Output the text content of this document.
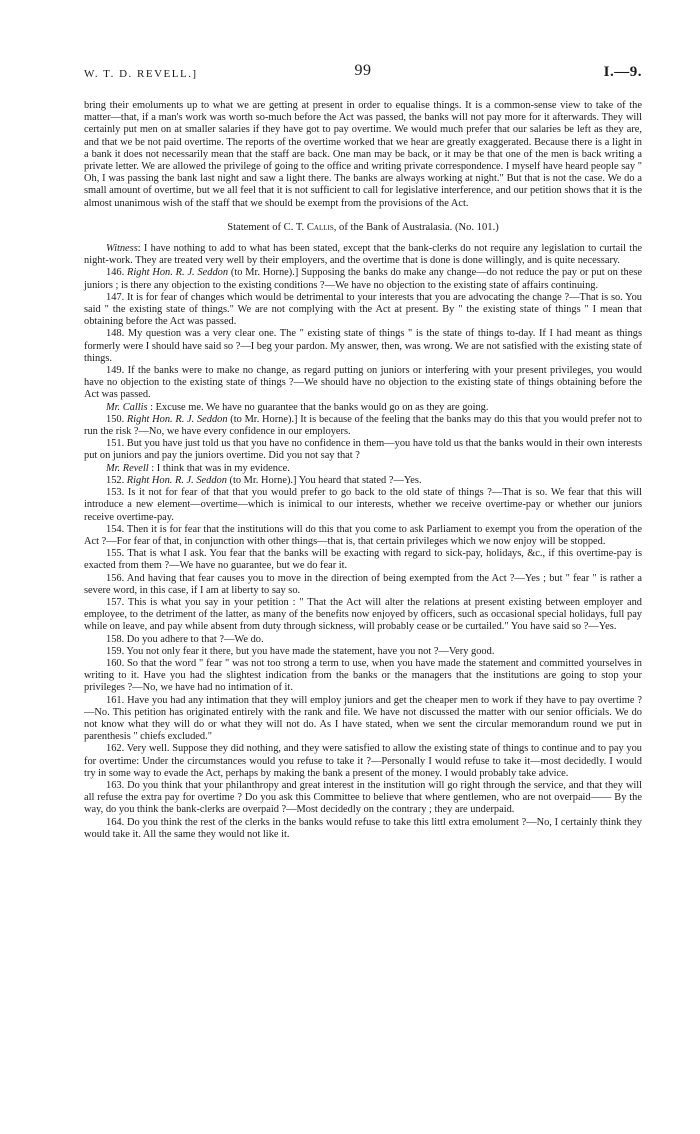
W. T. D. REVELL.]	99	I.—9.

bring their emoluments up to what we are getting at present in order to equalise things. It is a common-sense view to take of the matter—that, if a man's work was worth so-much before the Act was passed, the banks will not pay more for it afterwards. They will certainly put men on at smaller salaries if they have got to pay overtime. We would much prefer that our salaries be left as they are, and that we be not paid overtime. The reports of the overtime worked that we hear are greatly exaggerated. Because there is a light in a bank it does not necessarily mean that the staff are back. One man may be back, or it may be that one of the men is back writing a private letter. We are allowed the privilege of going to the office and writing private correspondence. I myself have heard people say " Oh, I was passing the bank last night and saw a light there. The banks are always working at night." But that is not the case. We do a small amount of overtime, but we all feel that it is not sufficient to call for legislative interference, and our petition shows that it is the almost unanimous wish of the staff that we should be exempt from the provisions of the Act.

Statement of C. T. Callis, of the Bank of Australasia. (No. 101.)

Witness: I have nothing to add to what has been stated, except that the bank-clerks do not require any legislation to curtail the night-work. They are treated very well by their employers, and the overtime that is done is done willingly, and is quite necessary.

146. Right Hon. R. J. Seddon (to Mr. Horne).] Supposing the banks do make any change—do not reduce the pay or put on these juniors ; is there any objection to the existing conditions ?—We have no objection to the existing state of affairs continuing.

147. It is for fear of changes which would be detrimental to your interests that you are advocating the change ?—That is so. You said " the existing state of things." We are not complying with the Act at present. By " the existing state of things " I mean that obtaining before the Act was passed.

148. My question was a very clear one. The " existing state of things " is the state of things to-day. If I had meant as things formerly were I should have said so ?—I beg your pardon. My answer, then, was wrong. We are not satisfied with the existing state of things.

149. If the banks were to make no change, as regard putting on juniors or interfering with your present privileges, you would have no objection to the existing state of things ?—We should have no objection to the existing state of things obtaining before the Act was passed.

Mr. Callis : Excuse me. We have no guarantee that the banks would go on as they are going.

150. Right Hon. R. J. Seddon (to Mr. Horne).] It is because of the feeling that the banks may do this that you would prefer not to run the risk ?—No, we have every confidence in our employers.

151. But you have just told us that you have no confidence in them—you have told us that the banks would in their own interests put on juniors and pay the juniors overtime. Did you not say that ?

Mr. Revell : I think that was in my evidence.

152. Right Hon. R. J. Seddon (to Mr. Horne).] You heard that stated ?—Yes.

153. Is it not for fear of that that you would prefer to go back to the old state of things ?—That is so. We fear that this will introduce a new element—overtime—which is inimical to our interests, whether we receive overtime-pay or whether our juniors receive overtime-pay.

154. Then it is for fear that the institutions will do this that you come to ask Parliament to exempt you from the operation of the Act ?—For fear of that, in conjunction with other things—that is, that certain privileges which we now enjoy will be stopped.

155. That is what I ask. You fear that the banks will be exacting with regard to sick-pay, holidays, &c., if this overtime-pay is exacted from them ?—We have no guarantee, but we do fear it.

156. And having that fear causes you to move in the direction of being exempted from the Act ?—Yes ; but " fear " is rather a severe word, in this case, if I am at liberty to say so.

157. This is what you say in your petition : " That the Act will alter the relations at present existing between employer and employee, to the detriment of the latter, as many of the benefits now enjoyed by officers, such as occasional special holidays, full pay while on leave, and pay while absent from duty through sickness, will probably cease or be curtailed." You have said so ?—Yes.

158. Do you adhere to that ?—We do.

159. You not only fear it there, but you have made the statement, have you not ?—Very good.

160. So that the word " fear " was not too strong a term to use, when you have made the statement and committed yourselves in writing to it. Have you had the slightest indication from the banks or the managers that the institutions are going to stop your privileges ?—No, we have had no intimation of it.

161. Have you had any intimation that they will employ juniors and get the cheaper men to work if they have to pay overtime ?—No. This petition has originated entirely with the rank and file. We have not discussed the matter with our senior officials. We do not know what they will do or what they will not do. As I have stated, when we sent the circular memorandum round we put in parenthesis " chiefs excluded."

162. Very well. Suppose they did nothing, and they were satisfied to allow the existing state of things to continue and to pay you for overtime: Under the circumstances would you refuse to take it ?—Personally I would refuse to take it—most decidedly. I would try in some way to evade the Act, perhaps by making the bank a present of the money. I would probably take advice.

163. Do you think that your philanthropy and great interest in the institution will go right through the service, and that they will all refuse the extra pay for overtime ? Do you ask this Committee to believe that where gentlemen, who are not overpaid—— By the way, do you think the bank-clerks are overpaid ?—Most decidedly on the contrary ; they are underpaid.

164. Do you think the rest of the clerks in the banks would refuse to take this littl extra emolument ?—No, I certainly think they would take it. All the same they would not like it.
